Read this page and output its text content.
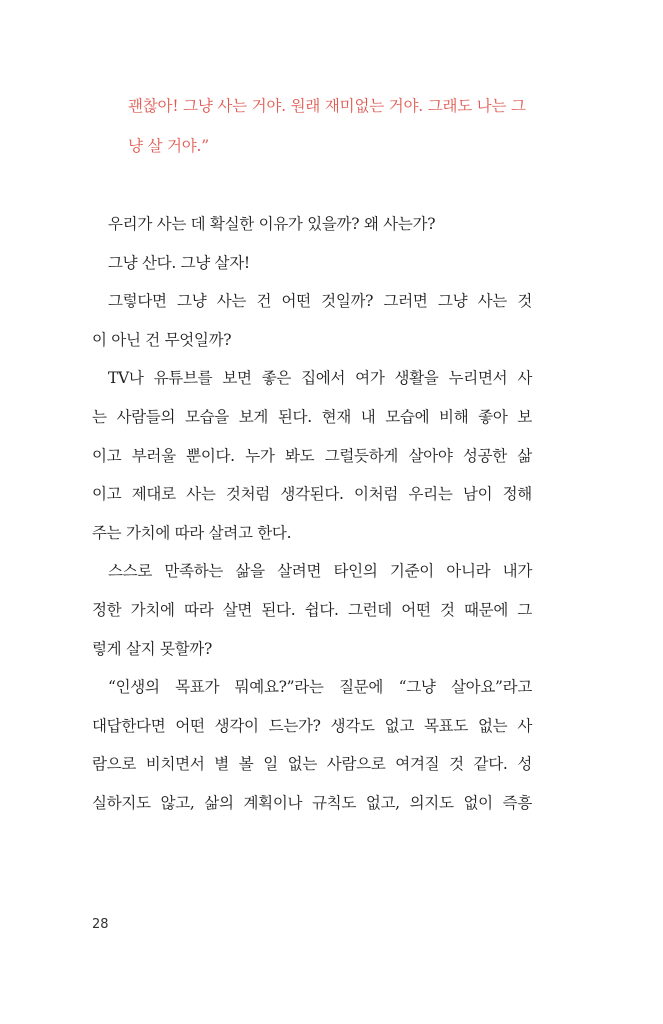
괜찮아! 그냥 사는 거야. 원래 재미없는 거야. 그래도 나는 그
냥 살 거야.”
우리가 사는 데 확실한 이유가 있을까? 왜 사는가?
그냥 산다. 그냥 살자!
그렇다면 그냥 사는 건 어떤 것일까? 그러면 그냥 사는 것
이 아닌 건 무엇일까?
TV나 유튜브를 보면 좋은 집에서 여가 생활을 누리면서 사
는 사람들의 모습을 보게 된다. 현재 내 모습에 비해 좋아 보
이고 부러울 뿐이다. 누가 봐도 그럴듯하게 살아야 성공한 삶
이고 제대로 사는 것처럼 생각된다. 이처럼 우리는 남이 정해
주는 가치에 따라 살려고 한다.
스스로 만족하는 삶을 살려면 타인의 기준이 아니라 내가
정한 가치에 따라 살면 된다. 쉽다. 그런데 어떤 것 때문에 그
렇게 살지 못할까?
“인생의 목표가 뭐예요?”라는 질문에 “그냥 살아요”라고
대답한다면 어떤 생각이 드는가? 생각도 없고 목표도 없는 사
람으로 비치면서 별 볼 일 없는 사람으로 여겨질 것 같다. 성
실하지도 않고, 삶의 계획이나 규칙도 없고, 의지도 없이 즉흥
28
